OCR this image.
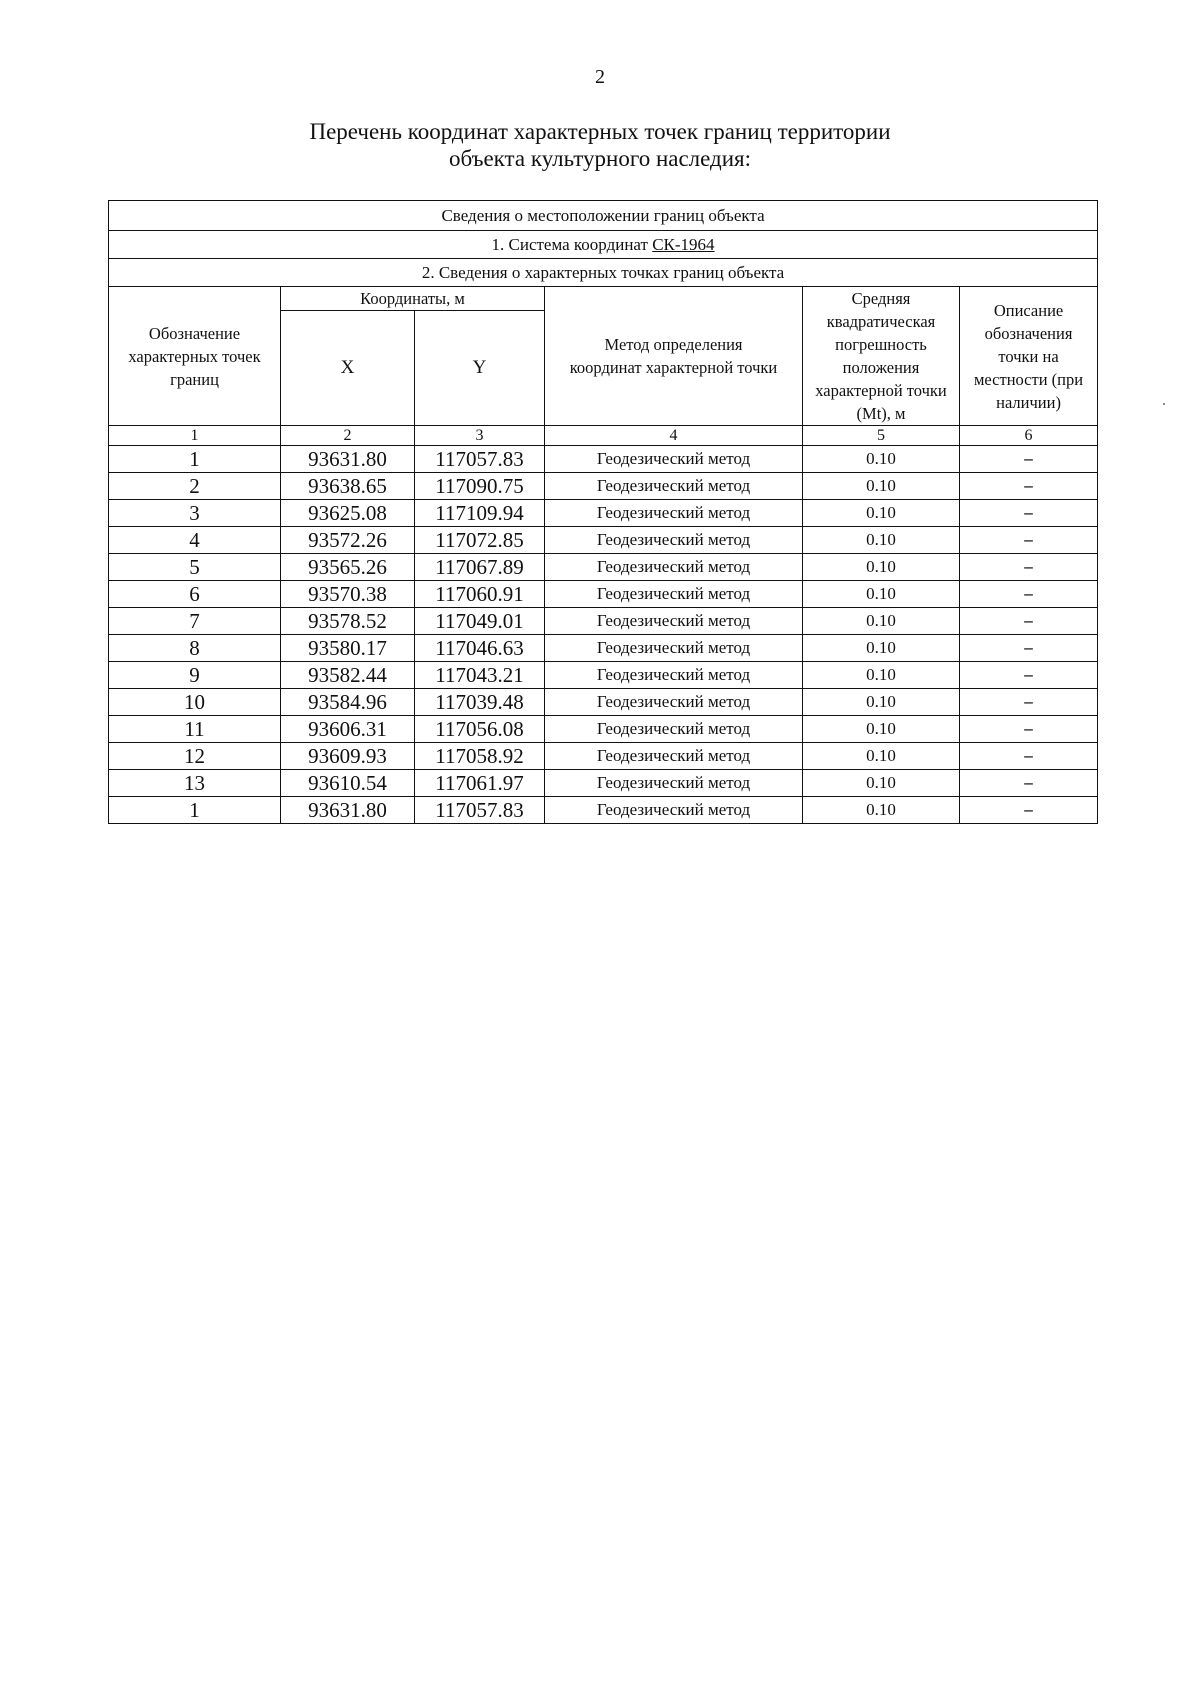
2
Перечень координат характерных точек границ территории
объекта культурного наследия:
Сведения о местоположении границ объекта					
1. Система координат СК-1964					
2. Сведения о характерных точках границ объекта					
Обозначение характерных точек границ	Координаты, м		Метод определения координат характерной точки	Средняя квадратическая погрешность положения характерной точки (Mt), м	Описание обозначения точки на местности (при наличии)
	X	Y			
1	2	3	4	5	6
1	93631.80	117057.83	Геодезический метод	0.10	–
2	93638.65	117090.75	Геодезический метод	0.10	–
3	93625.08	117109.94	Геодезический метод	0.10	–
4	93572.26	117072.85	Геодезический метод	0.10	–
5	93565.26	117067.89	Геодезический метод	0.10	–
6	93570.38	117060.91	Геодезический метод	0.10	–
7	93578.52	117049.01	Геодезический метод	0.10	–
8	93580.17	117046.63	Геодезический метод	0.10	–
9	93582.44	117043.21	Геодезический метод	0.10	–
10	93584.96	117039.48	Геодезический метод	0.10	–
11	93606.31	117056.08	Геодезический метод	0.10	–
12	93609.93	117058.92	Геодезический метод	0.10	–
13	93610.54	117061.97	Геодезический метод	0.10	–
1	93631.80	117057.83	Геодезический метод	0.10	–
